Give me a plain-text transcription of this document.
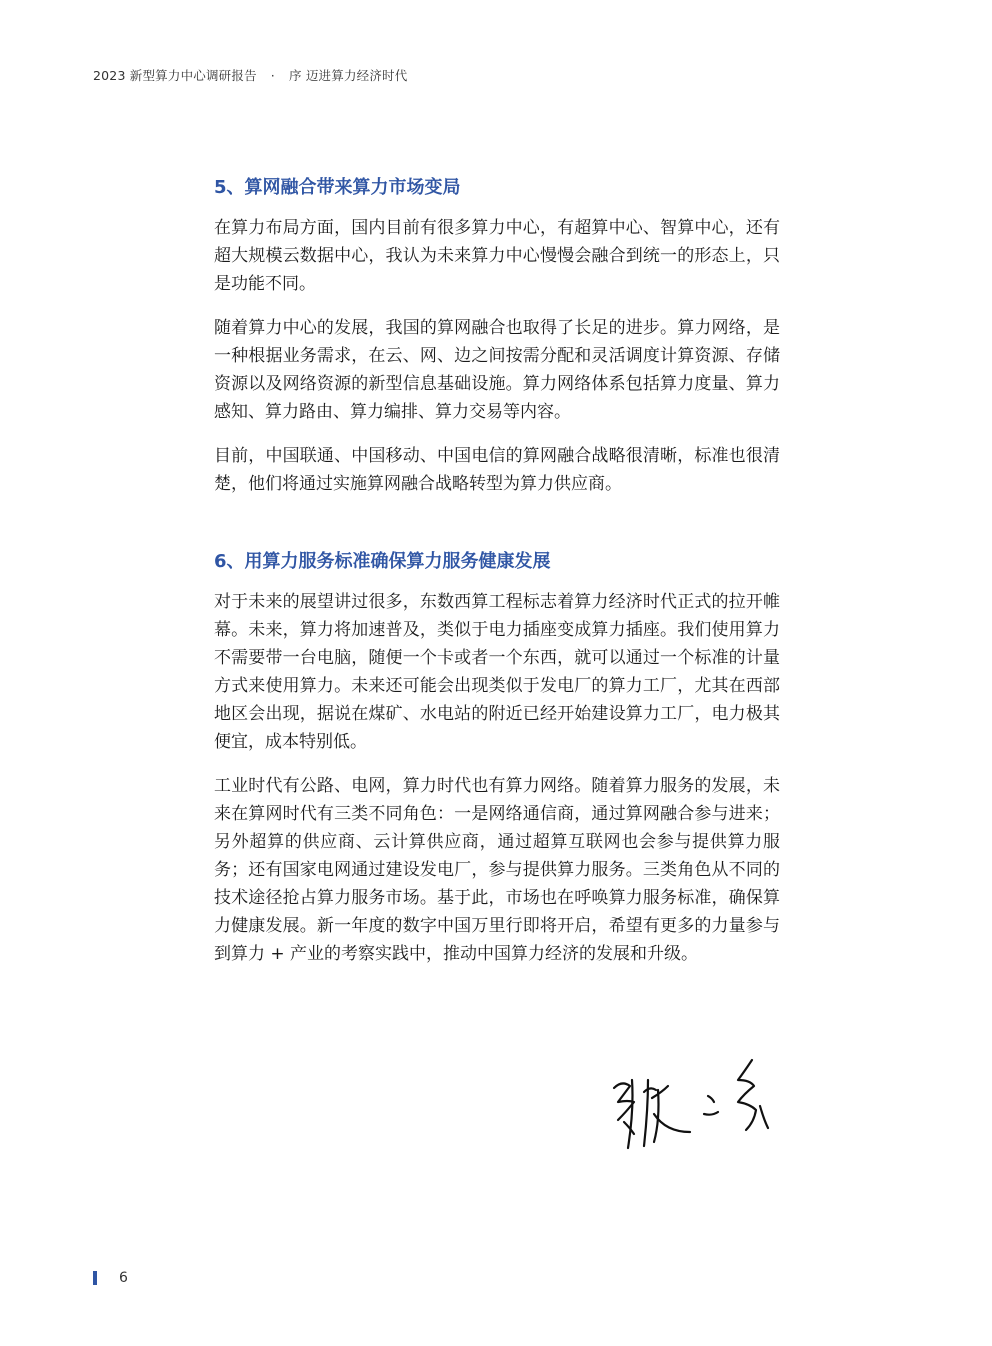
2023 新型算力中心调研报告 · 序 迈进算力经济时代
5、算网融合带来算力市场变局

在算力布局方面，国内目前有很多算力中心，有超算中心、智算中心，还有超大规模云数据中心，我认为未来算力中心慢慢会融合到统一的形态上，只是功能不同。

随着算力中心的发展，我国的算网融合也取得了长足的进步。算力网络，是一种根据业务需求，在云、网、边之间按需分配和灵活调度计算资源、存储资源以及网络资源的新型信息基础设施。算力网络体系包括算力度量、算力感知、算力路由、算力编排、算力交易等内容。

目前，中国联通、中国移动、中国电信的算网融合战略很清晰，标准也很清楚，他们将通过实施算网融合战略转型为算力供应商。

6、用算力服务标准确保算力服务健康发展

对于未来的展望讲过很多，东数西算工程标志着算力经济时代正式的拉开帷幕。未来，算力将加速普及，类似于电力插座变成算力插座。我们使用算力不需要带一台电脑，随便一个卡或者一个东西，就可以通过一个标准的计量方式来使用算力。未来还可能会出现类似于发电厂的算力工厂，尤其在西部地区会出现，据说在煤矿、水电站的附近已经开始建设算力工厂，电力极其便宜，成本特别低。

工业时代有公路、电网，算力时代也有算力网络。随着算力服务的发展，未来在算网时代有三类不同角色：一是网络通信商，通过算网融合参与进来；另外超算的供应商、云计算供应商，通过超算互联网也会参与提供算力服务；还有国家电网通过建设发电厂，参与提供算力服务。三类角色从不同的技术途径抢占算力服务市场。基于此，市场也在呼唤算力服务标准，确保算力健康发展。新一年度的数字中国万里行即将开启，希望有更多的力量参与到算力 + 产业的考察实践中，推动中国算力经济的发展和升级。

6
